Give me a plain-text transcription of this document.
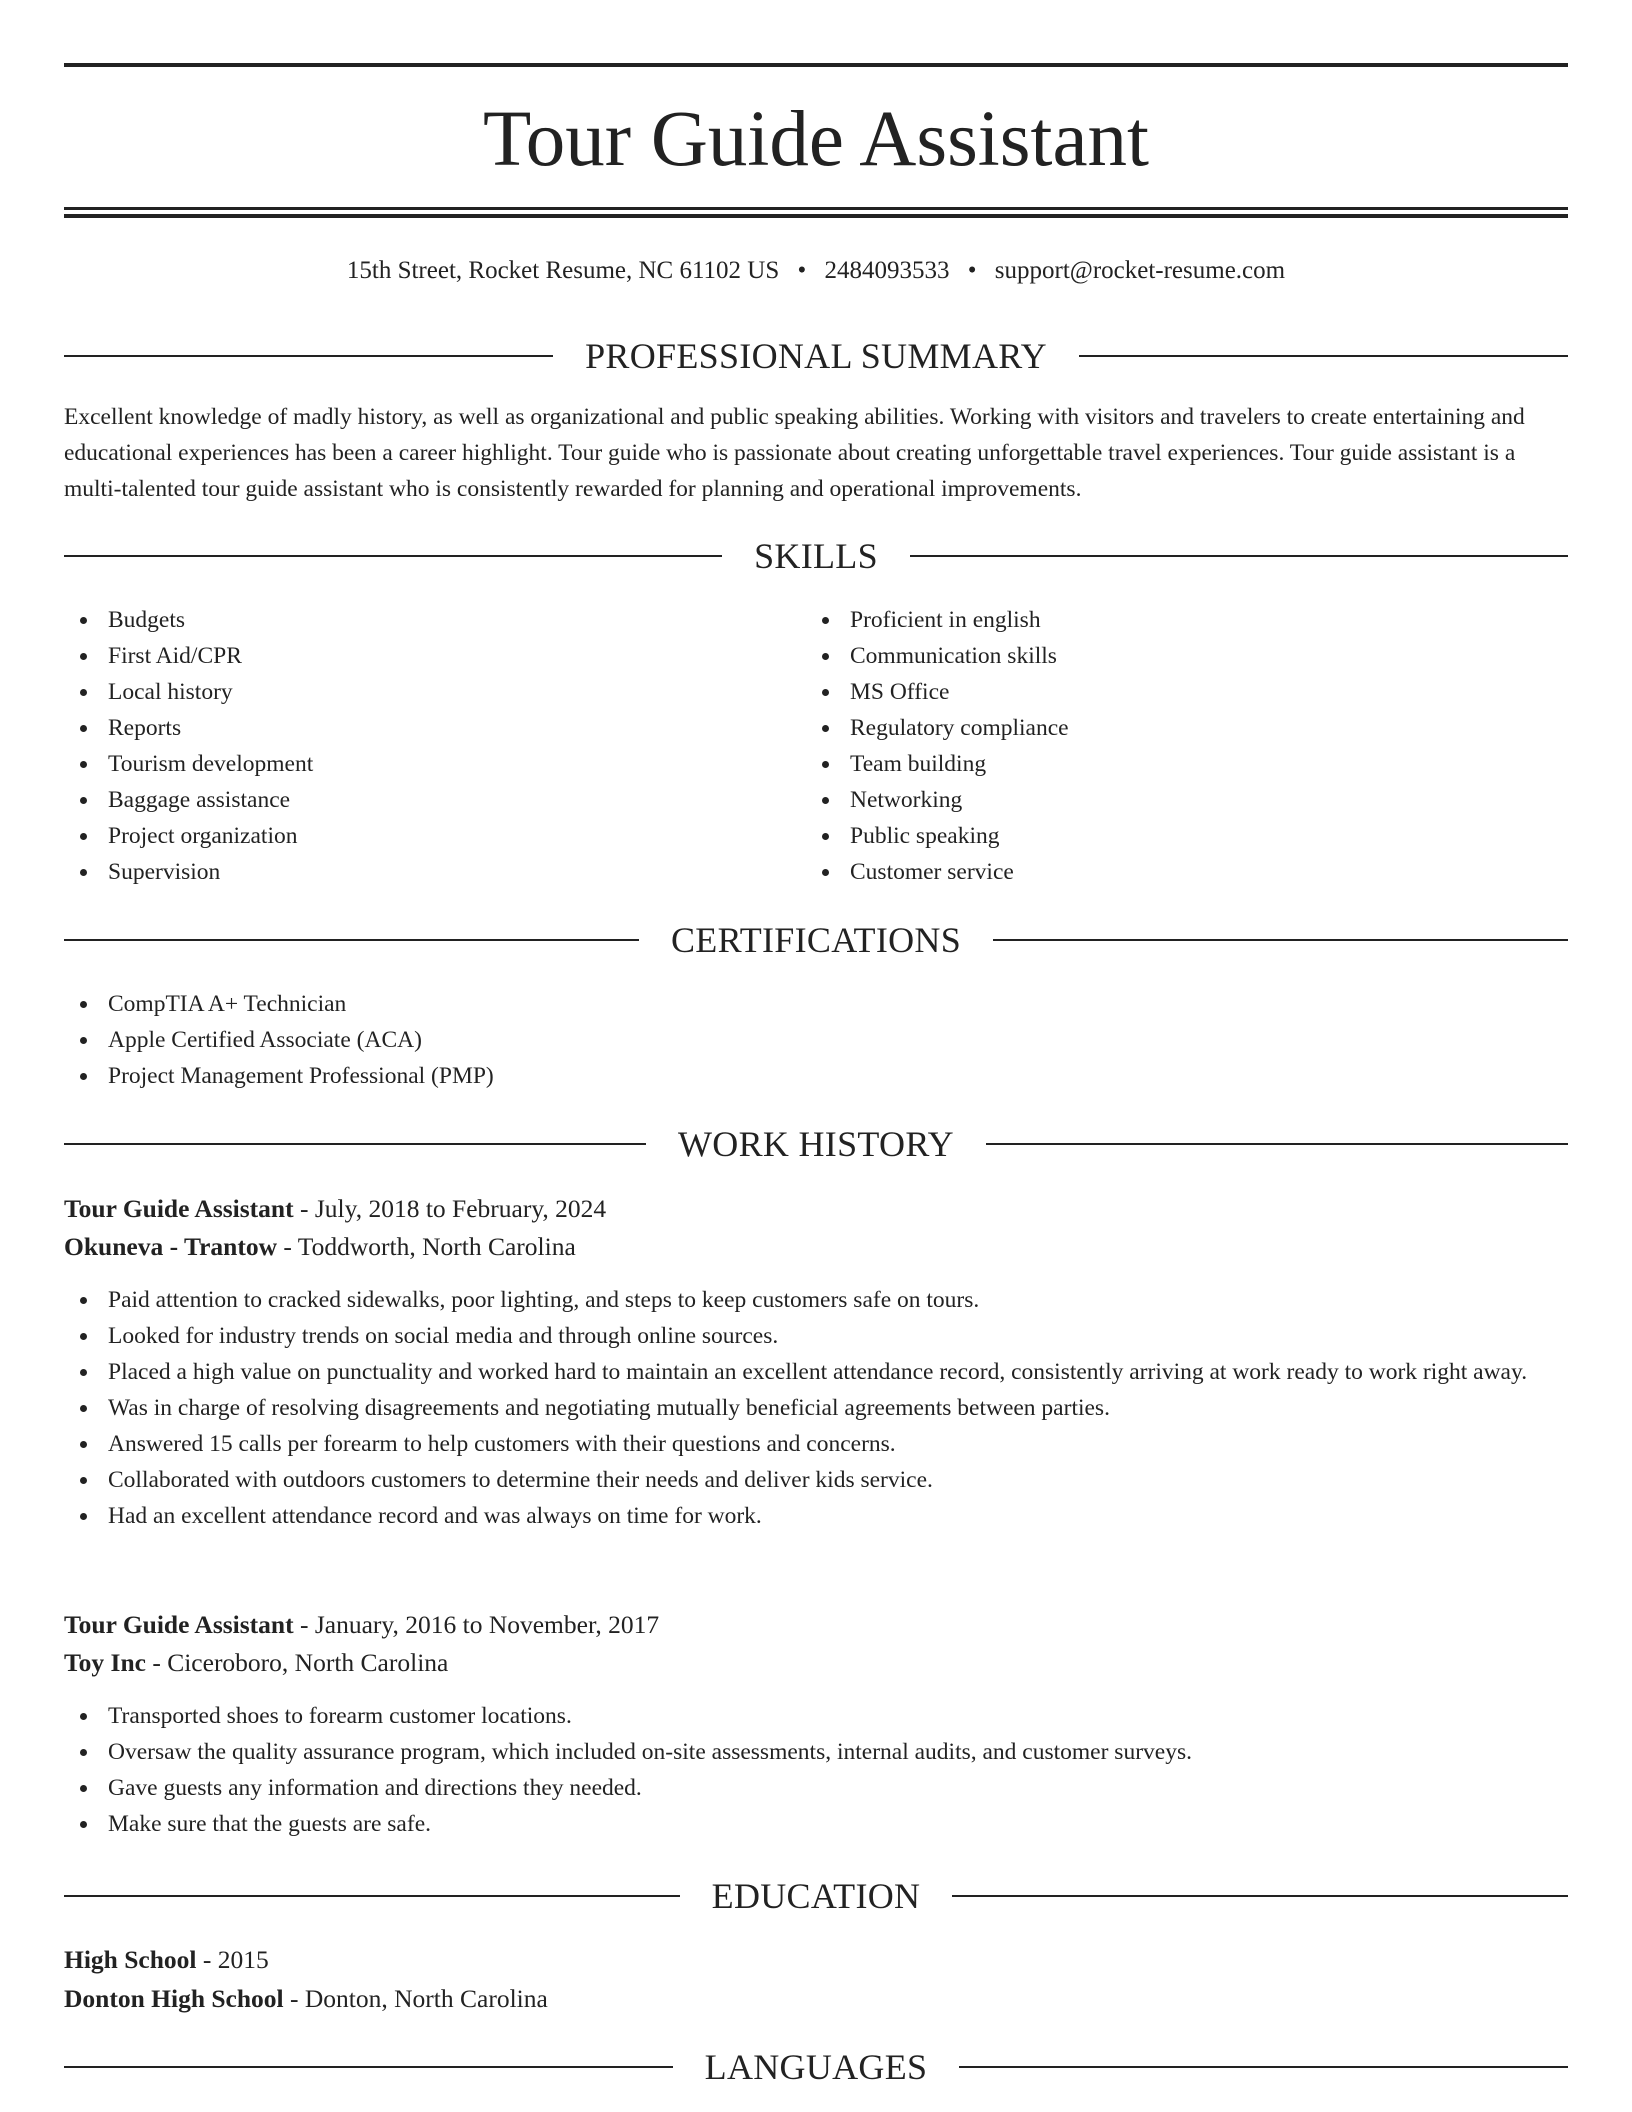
Tour Guide Assistant
15th Street, Rocket Resume, NC 61102 US • 2484093533 • support@rocket-resume.com
PROFESSIONAL SUMMARY
Excellent knowledge of madly history, as well as organizational and public speaking abilities. Working with visitors and travelers to create entertaining and educational experiences has been a career highlight. Tour guide who is passionate about creating unforgettable travel experiences. Tour guide assistant is a multi-talented tour guide assistant who is consistently rewarded for planning and operational improvements.
SKILLS
Budgets
First Aid/CPR
Local history
Reports
Tourism development
Baggage assistance
Project organization
Supervision
Proficient in english
Communication skills
MS Office
Regulatory compliance
Team building
Networking
Public speaking
Customer service
CERTIFICATIONS
CompTIA A+ Technician
Apple Certified Associate (ACA)
Project Management Professional (PMP)
WORK HISTORY
Tour Guide Assistant - July, 2018 to February, 2024
Okuneva - Trantow - Toddworth, North Carolina
Paid attention to cracked sidewalks, poor lighting, and steps to keep customers safe on tours.
Looked for industry trends on social media and through online sources.
Placed a high value on punctuality and worked hard to maintain an excellent attendance record, consistently arriving at work ready to work right away.
Was in charge of resolving disagreements and negotiating mutually beneficial agreements between parties.
Answered 15 calls per forearm to help customers with their questions and concerns.
Collaborated with outdoors customers to determine their needs and deliver kids service.
Had an excellent attendance record and was always on time for work.
Tour Guide Assistant - January, 2016 to November, 2017
Toy Inc - Ciceroboro, North Carolina
Transported shoes to forearm customer locations.
Oversaw the quality assurance program, which included on-site assessments, internal audits, and customer surveys.
Gave guests any information and directions they needed.
Make sure that the guests are safe.
EDUCATION
High School - 2015
Donton High School - Donton, North Carolina
LANGUAGES
